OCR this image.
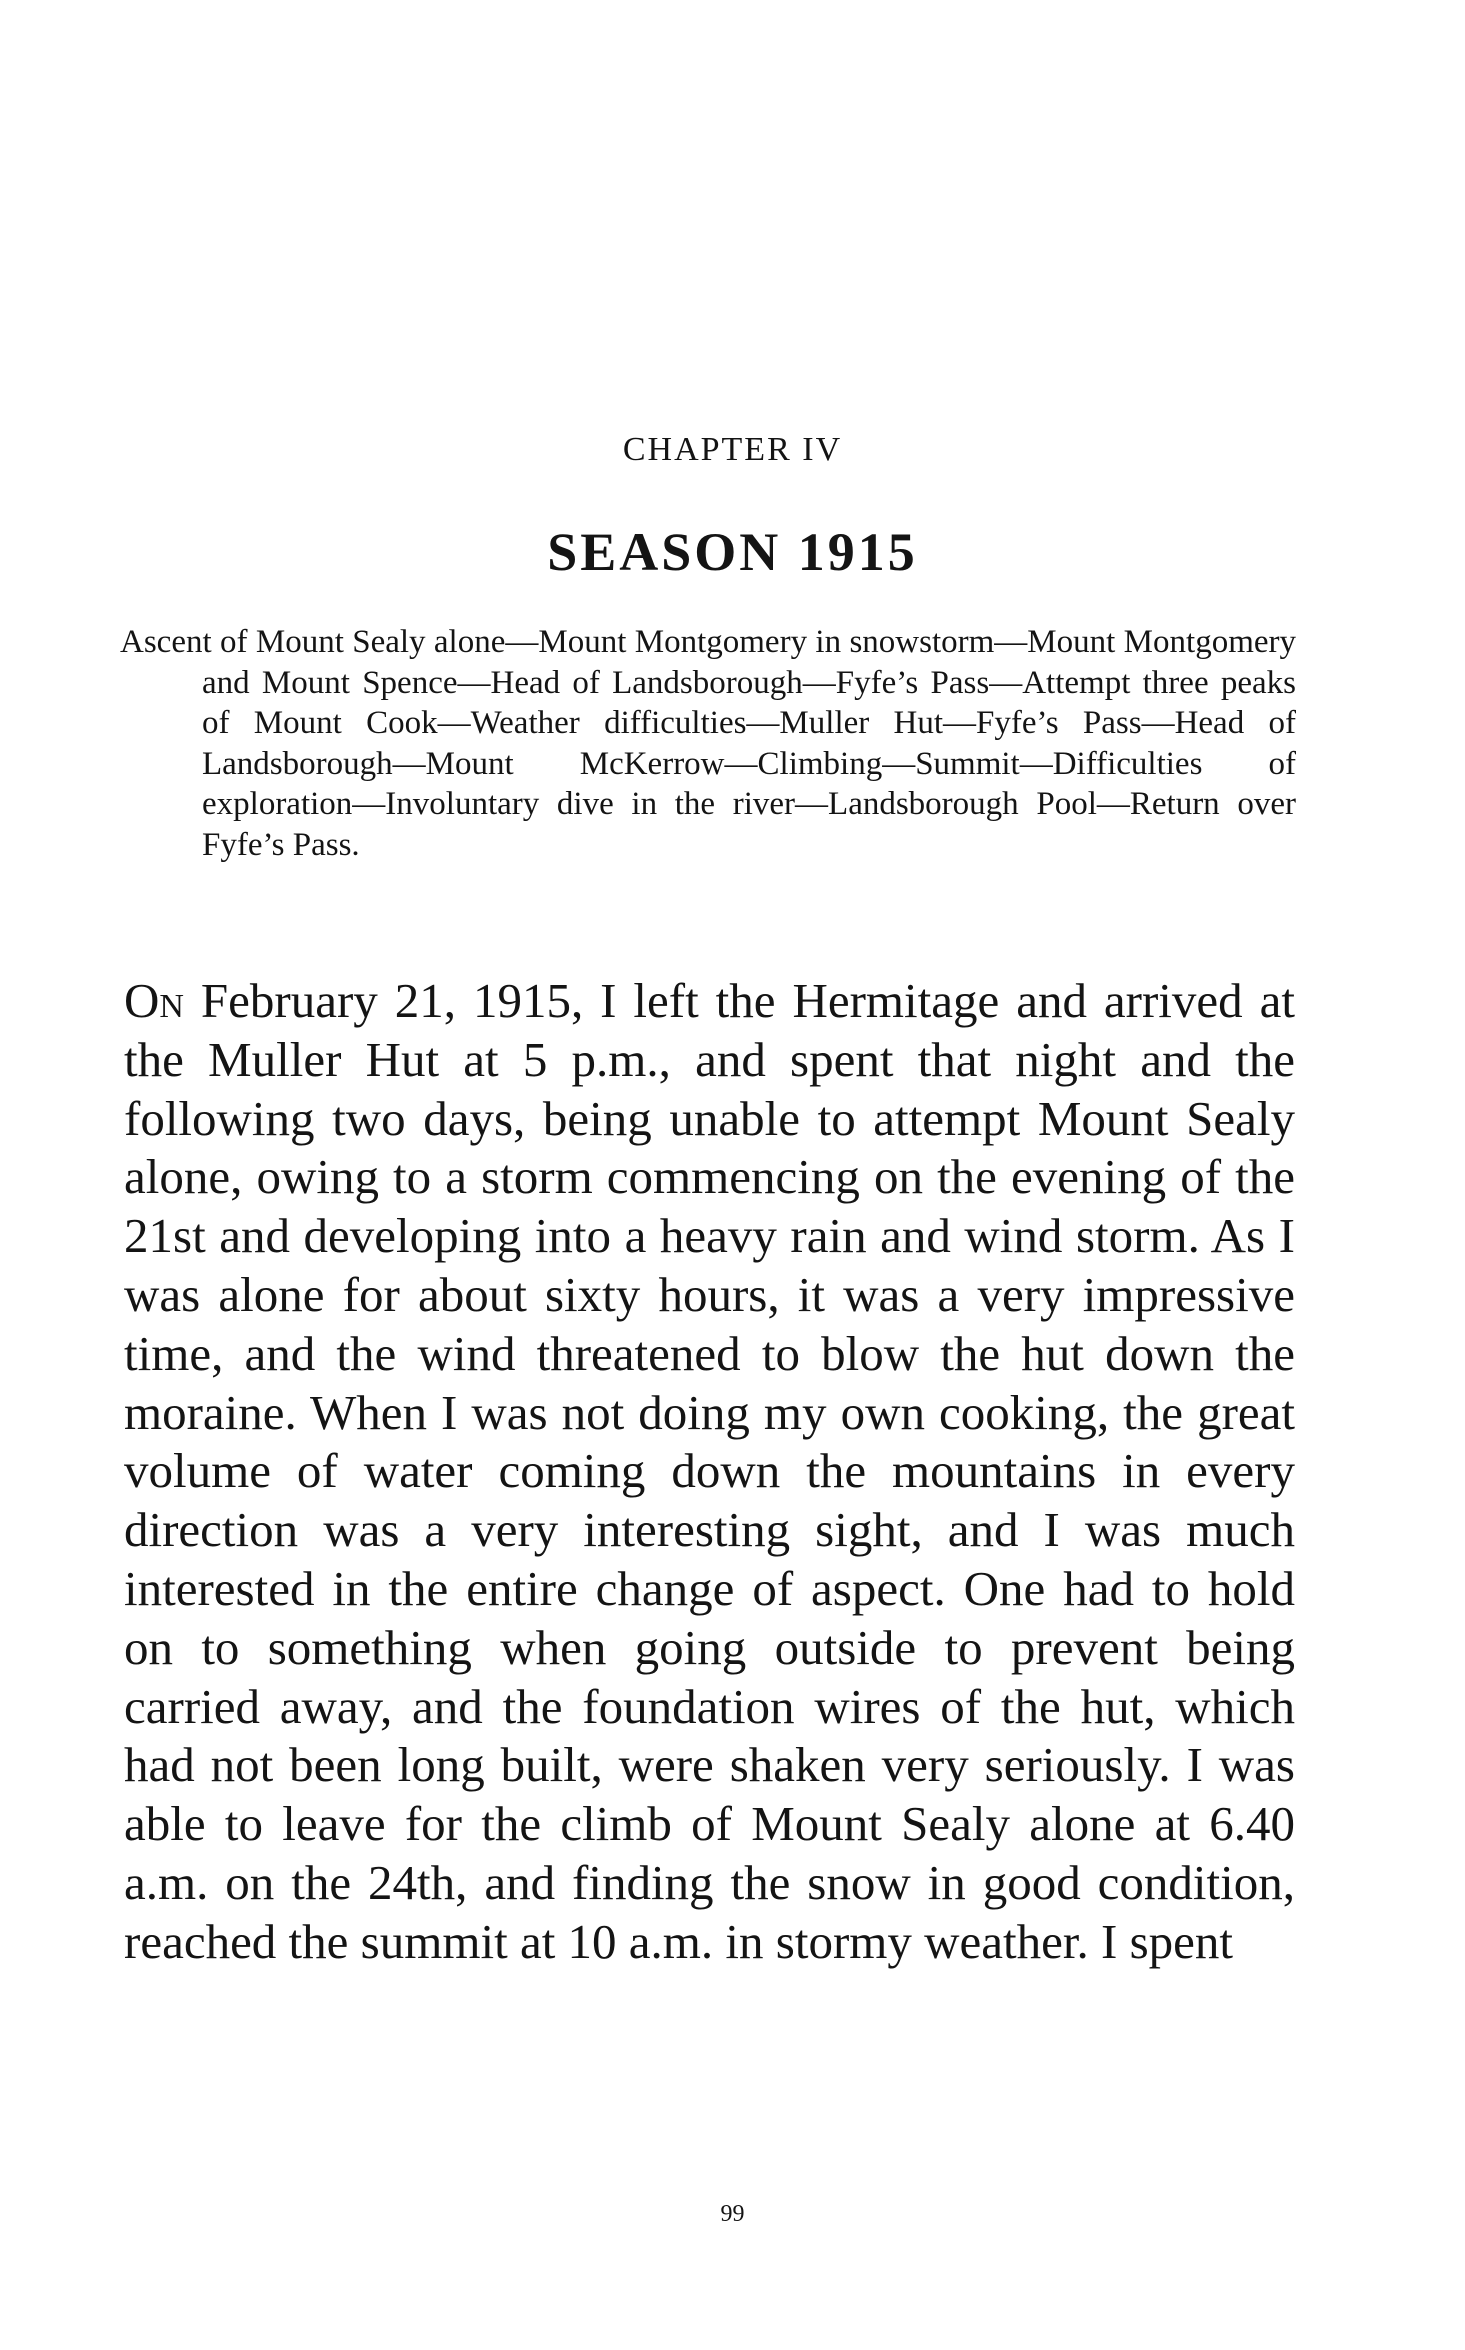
CHAPTER IV
SEASON 1915

Ascent of Mount Sealy alone—Mount Montgomery in snowstorm—Mount Montgomery and Mount Spence—Head of Landsborough—Fyfe’s Pass—Attempt three peaks of Mount Cook—Weather difficulties—Muller Hut—Fyfe’s Pass—Head of Landsborough—Mount McKerrow—Climbing—Summit—Difficulties of exploration—Involuntary dive in the river—Landsborough Pool—Return over Fyfe’s Pass.

On February 21, 1915, I left the Hermitage and arrived at the Muller Hut at 5 p.m., and spent that night and the following two days, being unable to attempt Mount Sealy alone, owing to a storm commencing on the evening of the 21st and developing into a heavy rain and wind storm. As I was alone for about sixty hours, it was a very impressive time, and the wind threatened to blow the hut down the moraine. When I was not doing my own cooking, the great volume of water coming down the mountains in every direction was a very interesting sight, and I was much interested in the entire change of aspect. One had to hold on to something when going outside to prevent being carried away, and the foundation wires of the hut, which had not been long built, were shaken very seriously. I was able to leave for the climb of Mount Sealy alone at 6.40 a.m. on the 24th, and finding the snow in good condition, reached the summit at 10 a.m. in stormy weather. I spent

99
